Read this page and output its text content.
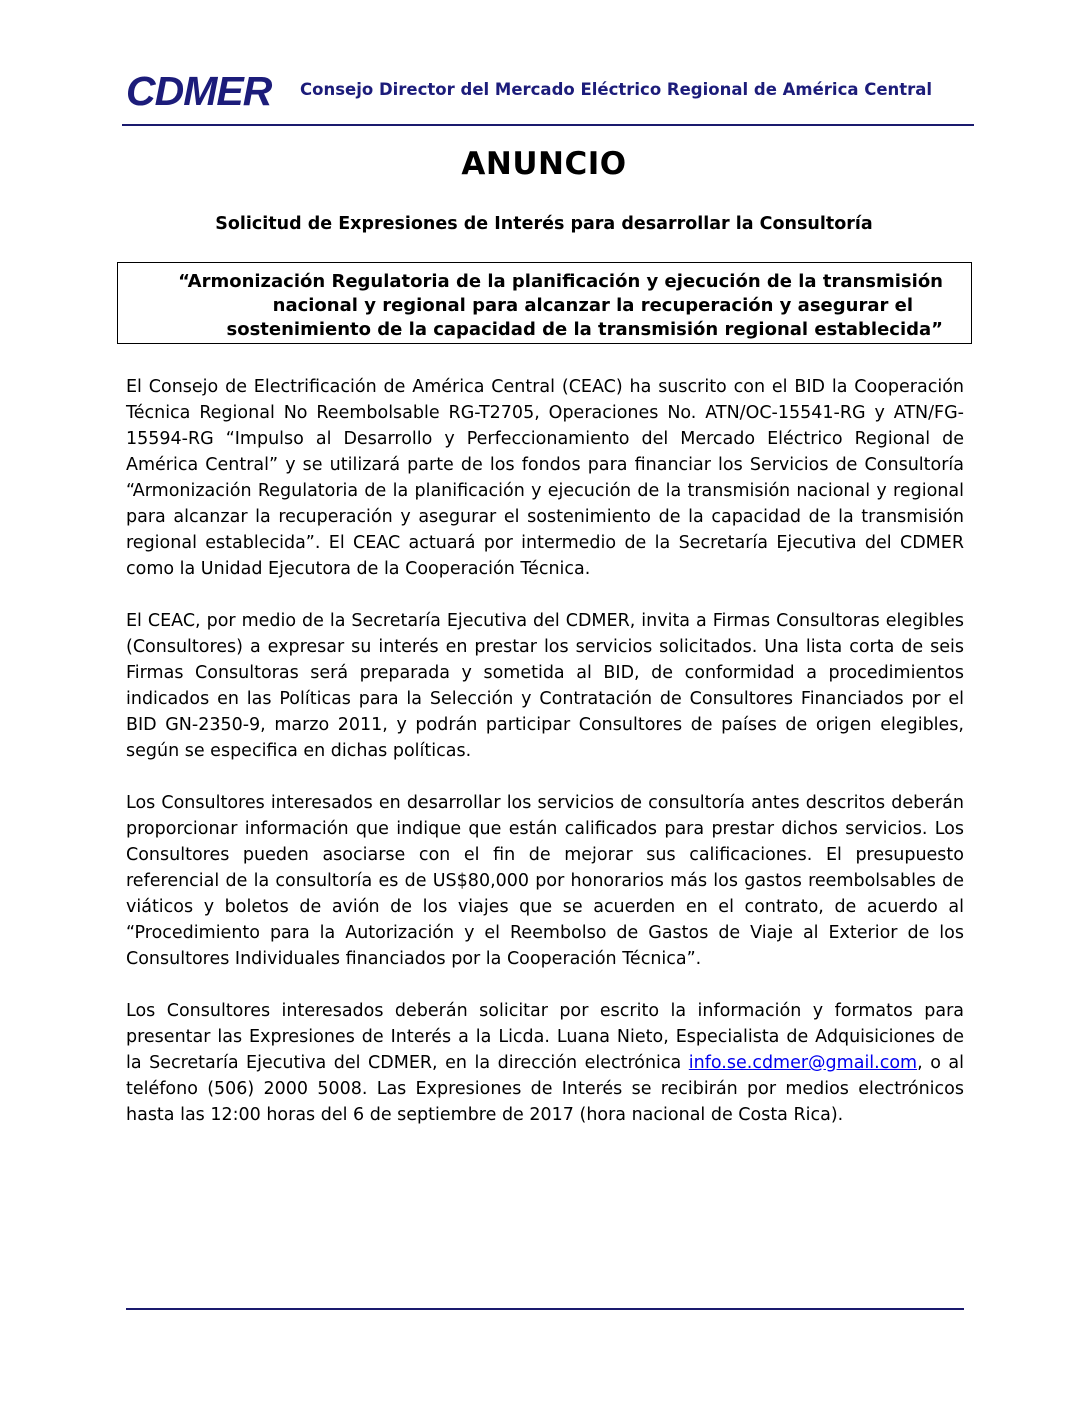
CDMER Consejo Director del Mercado Eléctrico Regional de América Central
ANUNCIO
Solicitud de Expresiones de Interés para desarrollar la Consultoría
“Armonización Regulatoria de la planificación y ejecución de la transmisión
nacional y regional para alcanzar la recuperación y asegurar el
sostenimiento de la capacidad de la transmisión regional establecida”

El Consejo de Electrificación de América Central (CEAC) ha suscrito con el BID la Cooperación Técnica Regional No Reembolsable RG-T2705, Operaciones No. ATN/OC-15541-RG y ATN/FG-15594-RG “Impulso al Desarrollo y Perfeccionamiento del Mercado Eléctrico Regional de América Central” y se utilizará parte de los fondos para financiar los Servicios de Consultoría “Armonización Regulatoria de la planificación y ejecución de la transmisión nacional y regional para alcanzar la recuperación y asegurar el sostenimiento de la capacidad de la transmisión regional establecida”. El CEAC actuará por intermedio de la Secretaría Ejecutiva del CDMER como la Unidad Ejecutora de la Cooperación Técnica.

El CEAC, por medio de la Secretaría Ejecutiva del CDMER, invita a Firmas Consultoras elegibles (Consultores) a expresar su interés en prestar los servicios solicitados. Una lista corta de seis Firmas Consultoras será preparada y sometida al BID, de conformidad a procedimientos indicados en las Políticas para la Selección y Contratación de Consultores Financiados por el BID GN-2350-9, marzo 2011, y podrán participar Consultores de países de origen elegibles, según se especifica en dichas políticas.

Los Consultores interesados en desarrollar los servicios de consultoría antes descritos deberán proporcionar información que indique que están calificados para prestar dichos servicios. Los Consultores pueden asociarse con el fin de mejorar sus calificaciones. El presupuesto referencial de la consultoría es de US$80,000 por honorarios más los gastos reembolsables de viáticos y boletos de avión de los viajes que se acuerden en el contrato, de acuerdo al “Procedimiento para la Autorización y el Reembolso de Gastos de Viaje al Exterior de los Consultores Individuales financiados por la Cooperación Técnica”.

Los Consultores interesados deberán solicitar por escrito la información y formatos para presentar las Expresiones de Interés a la Licda. Luana Nieto, Especialista de Adquisiciones de la Secretaría Ejecutiva del CDMER, en la dirección electrónica info.se.cdmer@gmail.com, o al teléfono (506) 2000 5008. Las Expresiones de Interés se recibirán por medios electrónicos hasta las 12:00 horas del 6 de septiembre de 2017 (hora nacional de Costa Rica).
